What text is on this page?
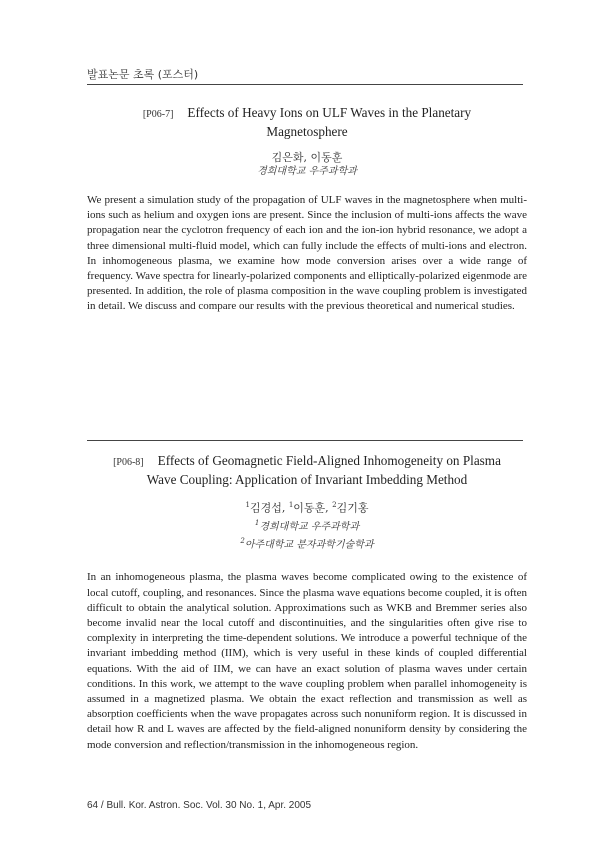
발표논문 초록 (포스터)
[P06-7] Effects of Heavy Ions on ULF Waves in the Planetary
Magnetosphere
김은화, 이동훈
경희대학교 우주과학과

We present a simulation study of the propagation of ULF waves in the magnetosphere when multi-ions such as helium and oxygen ions are present. Since the inclusion of multi-ions affects the wave propagation near the cyclotron frequency of each ion and the ion-ion hybrid resonance, we adopt a three dimensional multi-fluid model, which can fully include the effects of multi-ions and electron. In inhomogeneous plasma, we examine how mode conversion arises over a wide range of frequency. Wave spectra for linearly-polarized components and elliptically-polarized eigenmode are presented. In addition, the role of plasma composition in the wave coupling problem is investigated in detail. We discuss and compare our results with the previous theoretical and numerical studies.

[P06-8] Effects of Geomagnetic Field-Aligned Inhomogeneity on Plasma
Wave Coupling: Application of Invariant Imbedding Method
$^1$김경섭, $^1$이동훈, $^2$김기홍
$^1$경희대학교 우주과학과
$^2$아주대학교 분자과학기술학과

In an inhomogeneous plasma, the plasma waves become complicated owing to the existence of local cutoff, coupling, and resonances. Since the plasma wave equations become coupled, it is often difficult to obtain the analytical solution. Approximations such as WKB and Bremmer series also become invalid near the local cutoff and discontinuities, and the singularities often give rise to complexity in interpreting the time-dependent solutions. We introduce a powerful technique of the invariant imbedding method (IIM), which is very useful in these kinds of coupled differential equations. With the aid of IIM, we can have an exact solution of plasma waves under certain conditions. In this work, we attempt to the wave coupling problem when parallel inhomogeneity is assumed in a magnetized plasma. We obtain the exact reflection and transmission as well as absorption coefficients when the wave propagates across such nonuniform region. It is discussed in detail how R and L waves are affected by the field-aligned nonuniform density by considering the mode conversion and reflection/transmission in the inhomogeneous region.

64 / Bull. Kor. Astron. Soc. Vol. 30 No. 1, Apr. 2005
